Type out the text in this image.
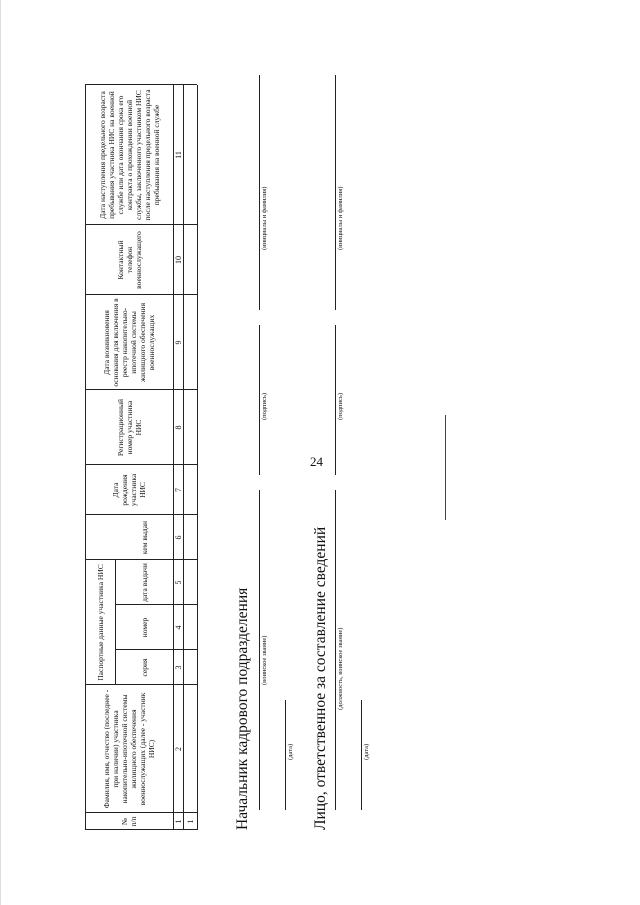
24
№ п/п
Фамилия, имя, отчество (последнее - при наличии) участника накопительно-ипотечной системы жилищного обеспечения военнослужащих (далее - участник НИС)
Паспортные данные участника НИС	серия
номер
дата выдачи
кем выдан
Дата рождения участника НИС
Регистрационный номер участника НИС
Дата возникновения основания для включения в реестр накопительно-ипотечной системы жилищного обеспечения военнослужащих
Контактный телефон военнослужащего
Дата наступления предельного возраста пребывания участника НИС на военной службе или дата окончания срока его контракта о прохождении военной службы, заключенного участником НИС после наступления предельного возраста пребывания на военной службе
1
2
3
4
5
6
7
8
9
10
11
1	Начальник кадрового подразделения (воинское звание)
(подпись)
(инициалы и фамилия)
(дата) Лицо, ответственное за составление сведений (должность, воинское звание)
(подпись)
(инициалы и фамилия)
(дата)
